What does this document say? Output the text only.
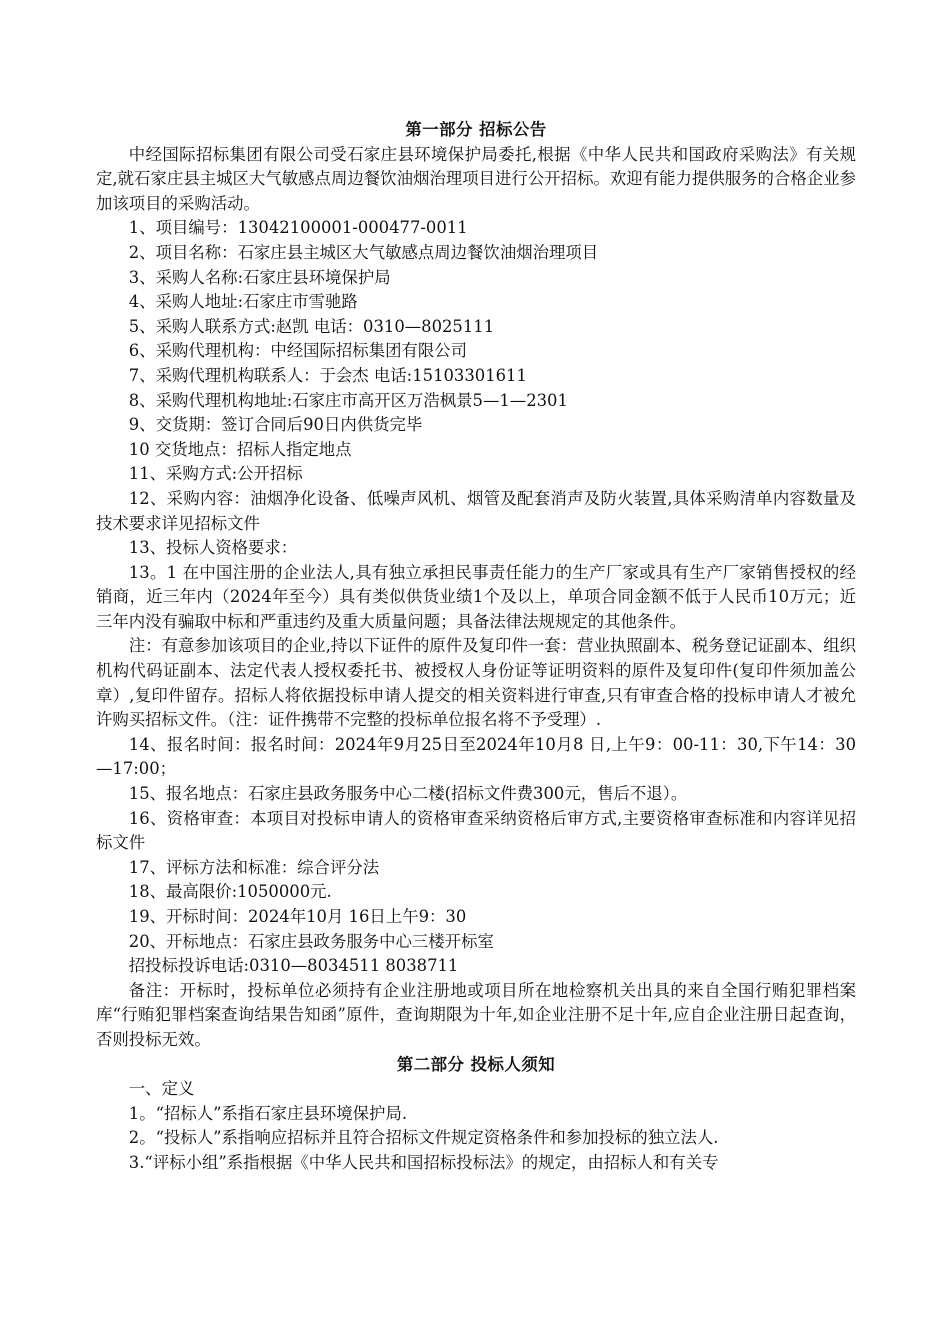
第一部分 招标公告

中经国际招标集团有限公司受石家庄县环境保护局委托,根据《中华人民共和国政府采购法》有关规定,就石家庄县主城区大气敏感点周边餐饮油烟治理项目进行公开招标。欢迎有能力提供服务的合格企业参加该项目的采购活动。

1、项目编号：13042100001-000477-0011

2、项目名称：石家庄县主城区大气敏感点周边餐饮油烟治理项目

3、采购人名称:石家庄县环境保护局

4、采购人地址:石家庄市雪驰路

5、采购人联系方式:赵凯 电话：0310—8025111

6、采购代理机构：中经国际招标集团有限公司

7、采购代理机构联系人：于会杰 电话:15103301611

8、采购代理机构地址:石家庄市高开区万浩枫景5—1—2301

9、交货期：签订合同后90日内供货完毕

10 交货地点：招标人指定地点

11、采购方式:公开招标

12、采购内容：油烟净化设备、低噪声风机、烟管及配套消声及防火装置,具体采购清单内容数量及技术要求详见招标文件

13、投标人资格要求：

13。1 在中国注册的企业法人,具有独立承担民事责任能力的生产厂家或具有生产厂家销售授权的经销商，近三年内（2024年至今）具有类似供货业绩1个及以上，单项合同金额不低于人民币10万元；近三年内没有骗取中标和严重违约及重大质量问题；具备法律法规规定的其他条件。

注：有意参加该项目的企业,持以下证件的原件及复印件一套：营业执照副本、税务登记证副本、组织机构代码证副本、法定代表人授权委托书、被授权人身份证等证明资料的原件及复印件(复印件须加盖公章）,复印件留存。招标人将依据投标申请人提交的相关资料进行审查,只有审查合格的投标申请人才被允许购买招标文件。（注：证件携带不完整的投标单位报名将不予受理）.

14、报名时间：报名时间：2024年9月25日至2024年10月8 日,上午9：00-11：30,下午14：30—17:00；

15、报名地点：石家庄县政务服务中心二楼(招标文件费300元，售后不退）。

16、资格审查：本项目对投标申请人的资格审查采纳资格后审方式,主要资格审查标准和内容详见招标文件

17、评标方法和标准：综合评分法

18、最高限价:1050000元.

19、开标时间：2024年10月 16日上午9：30

20、开标地点：石家庄县政务服务中心三楼开标室

招投标投诉电话:0310—8034511 8038711

备注：开标时，投标单位必须持有企业注册地或项目所在地检察机关出具的来自全国行贿犯罪档案库“行贿犯罪档案查询结果告知函”原件，查询期限为十年,如企业注册不足十年,应自企业注册日起查询，否则投标无效。

第二部分 投标人须知

一、定义

1。“招标人”系指石家庄县环境保护局.

2。“投标人”系指响应招标并且符合招标文件规定资格条件和参加投标的独立法人.

3.“评标小组”系指根据《中华人民共和国招标投标法》的规定，由招标人和有关专
